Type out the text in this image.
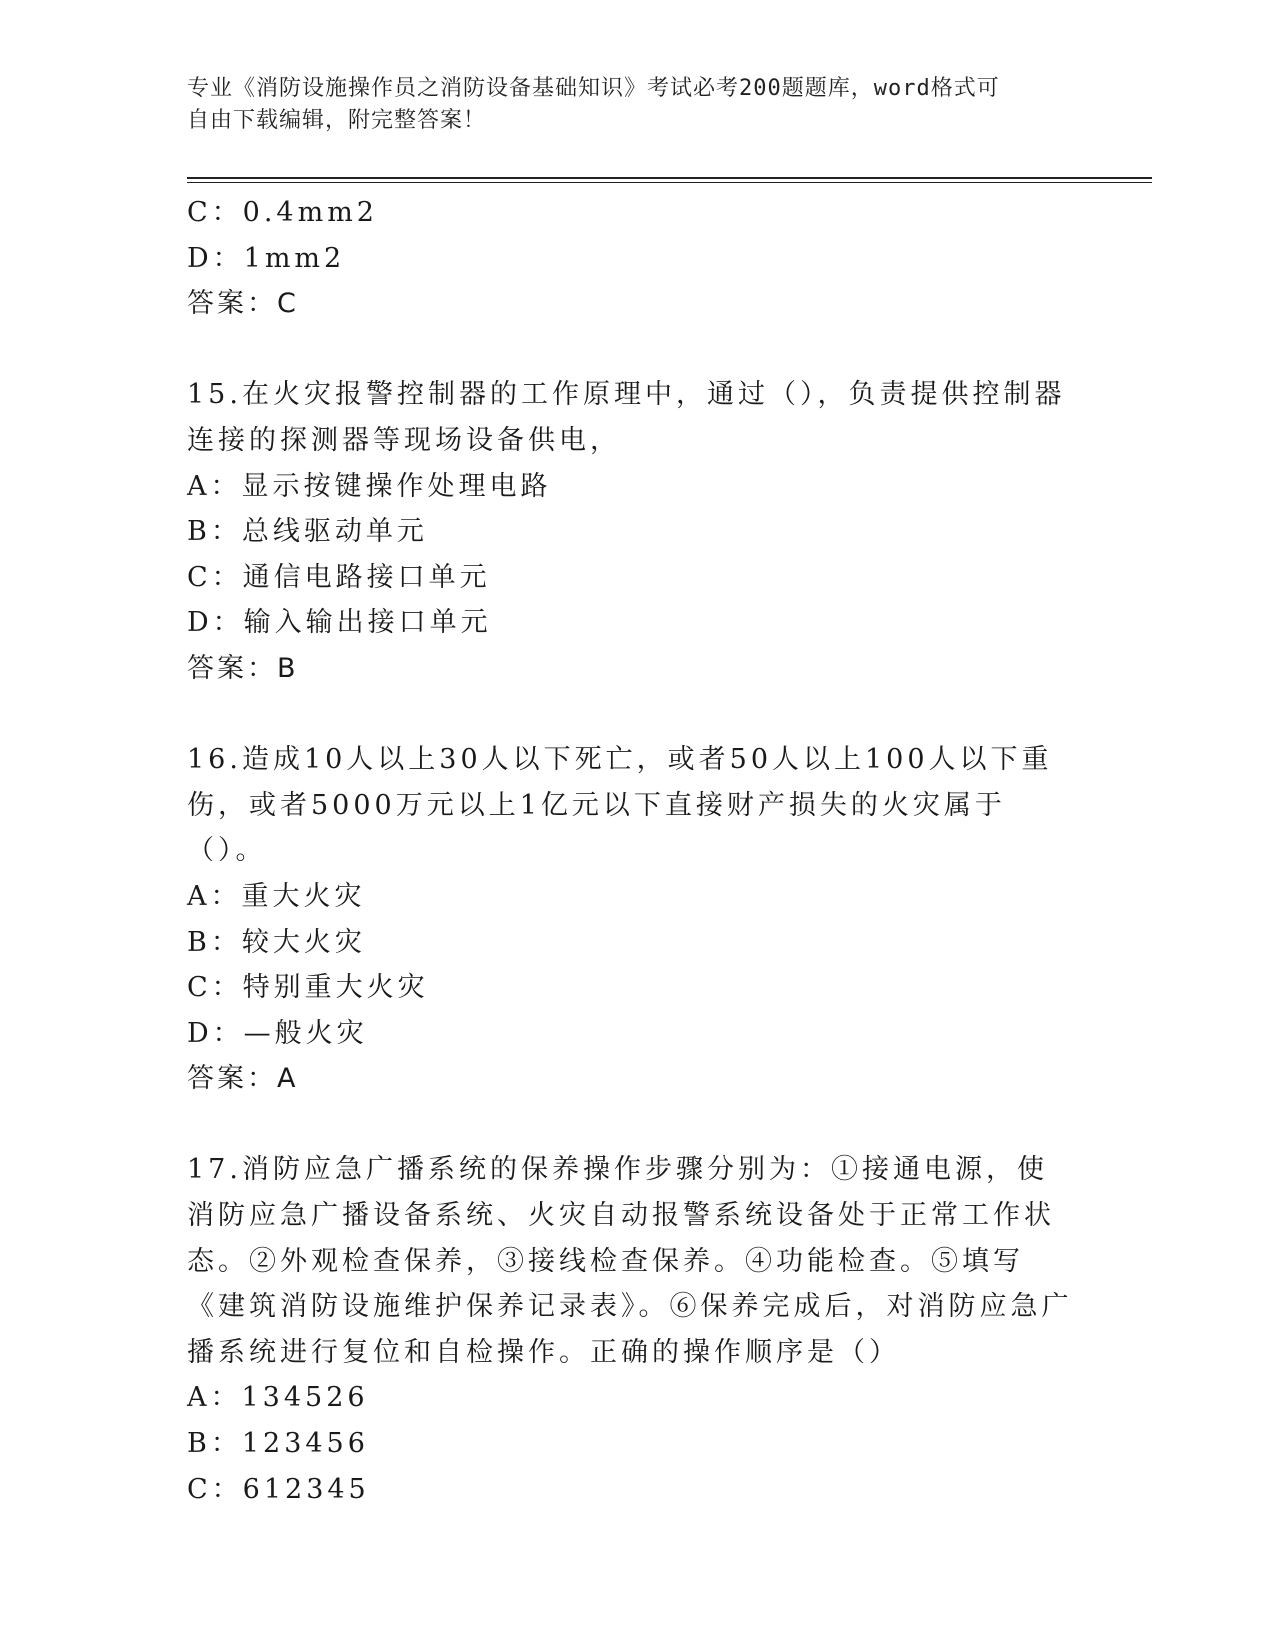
专业《消防设施操作员之消防设备基础知识》考试必考200题题库，word格式可
自由下载编辑，附完整答案！
C：0.4mm2
D：1mm2
答案：C
15.在火灾报警控制器的工作原理中，通过（），负责提供控制器连接的探测器等现场设备供电，
A：显示按键操作处理电路
B：总线驱动单元
C：通信电路接口单元
D：输入输出接口单元
答案：B
16.造成10人以上30人以下死亡，或者50人以上100人以下重伤，或者5000万元以上1亿元以下直接财产损失的火灾属于（）。
A：重大火灾
B：较大火灾
C：特别重大火灾
D：—般火灾
答案：A
17.消防应急广播系统的保养操作步骤分别为：①接通电源，使消防应急广播设备系统、火灾自动报警系统设备处于正常工作状态。②外观检查保养，③接线检查保养。④功能检查。⑤填写《建筑消防设施维护保养记录表》。⑥保养完成后，对消防应急广播系统进行复位和自检操作。正确的操作顺序是（）
A：134526
B：123456
C：612345
